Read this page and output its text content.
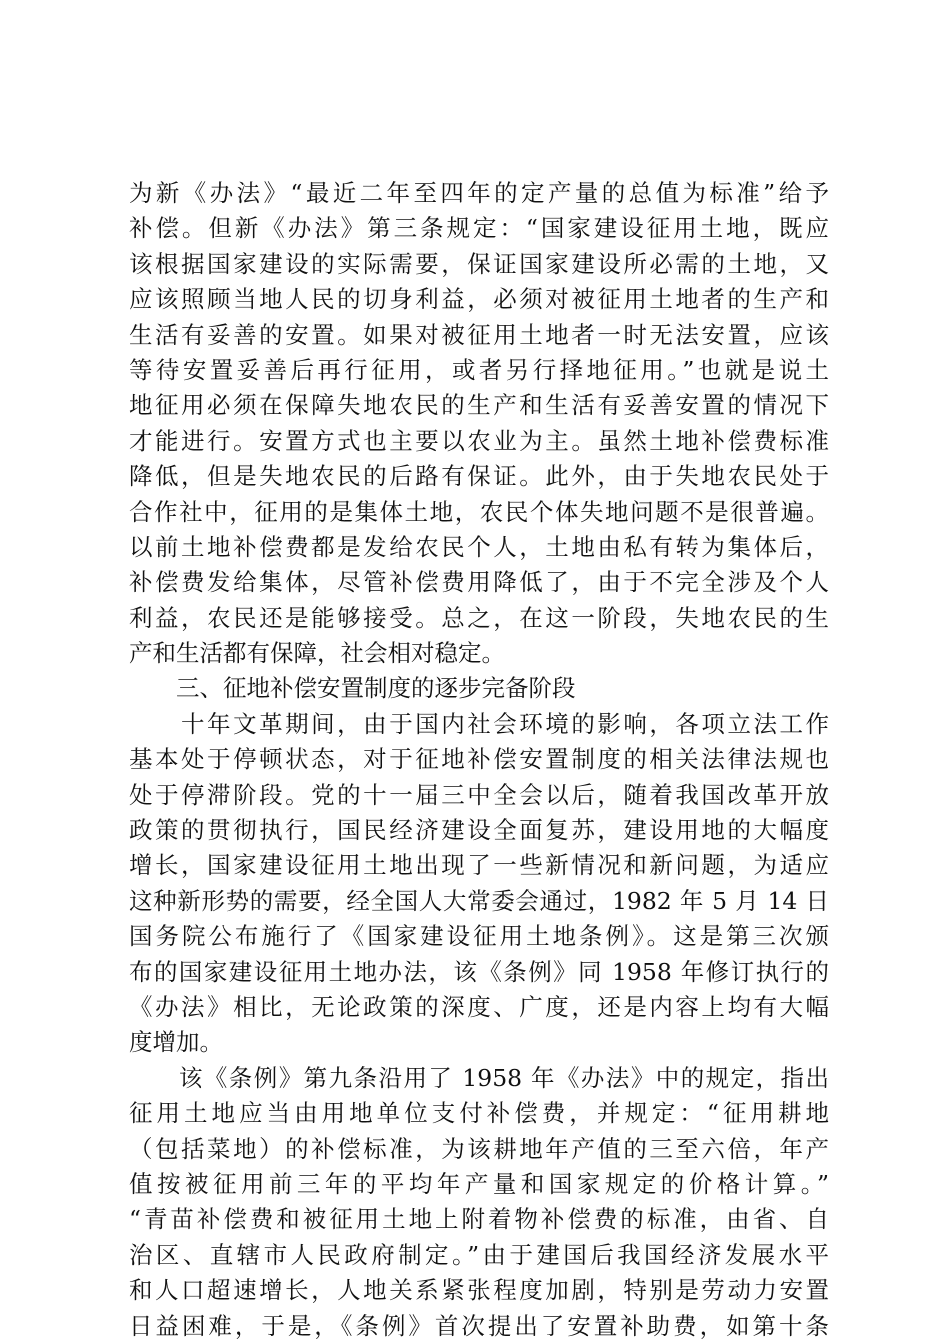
为新《办法》“最近二年至四年的定产量的总值为标准”给予
补偿。但新《办法》第三条规定：“国家建设征用土地，既应
该根据国家建设的实际需要，保证国家建设所必需的土地，又
应该照顾当地人民的切身利益，必须对被征用土地者的生产和
生活有妥善的安置。如果对被征用土地者一时无法安置，应该
等待安置妥善后再行征用，或者另行择地征用。”也就是说土
地征用必须在保障失地农民的生产和生活有妥善安置的情况下
才能进行。安置方式也主要以农业为主。虽然土地补偿费标准
降低，但是失地农民的后路有保证。此外，由于失地农民处于
合作社中，征用的是集体土地，农民个体失地问题不是很普遍。
以前土地补偿费都是发给农民个人，土地由私有转为集体后，
补偿费发给集体，尽管补偿费用降低了，由于不完全涉及个人
利益，农民还是能够接受。总之，在这一阶段，失地农民的生
产和生活都有保障，社会相对稳定。
　　三、征地补偿安置制度的逐步完备阶段
　　十年文革期间，由于国内社会环境的影响，各项立法工作
基本处于停顿状态，对于征地补偿安置制度的相关法律法规也
处于停滞阶段。党的十一届三中全会以后，随着我国改革开放
政策的贯彻执行，国民经济建设全面复苏，建设用地的大幅度
增长，国家建设征用土地出现了一些新情况和新问题，为适应
这种新形势的需要，经全国人大常委会通过，1982 年 5 月 14 日
国务院公布施行了《国家建设征用土地条例》。这是第三次颁
布的国家建设征用土地办法，该《条例》同 1958 年修订执行的
《办法》相比，无论政策的深度、广度，还是内容上均有大幅
度增加。
　　该《条例》第九条沿用了 1958 年《办法》中的规定，指出
征用土地应当由用地单位支付补偿费，并规定：“征用耕地
（包括菜地）的补偿标准，为该耕地年产值的三至六倍，年产
值按被征用前三年的平均年产量和国家规定的价格计算。”
“青苗补偿费和被征用土地上附着物补偿费的标准，由省、自
治区、直辖市人民政府制定。”由于建国后我国经济发展水平
和人口超速增长，人地关系紧张程度加剧，特别是劳动力安置
日益困难，于是，《条例》首次提出了安置补助费，如第十条
